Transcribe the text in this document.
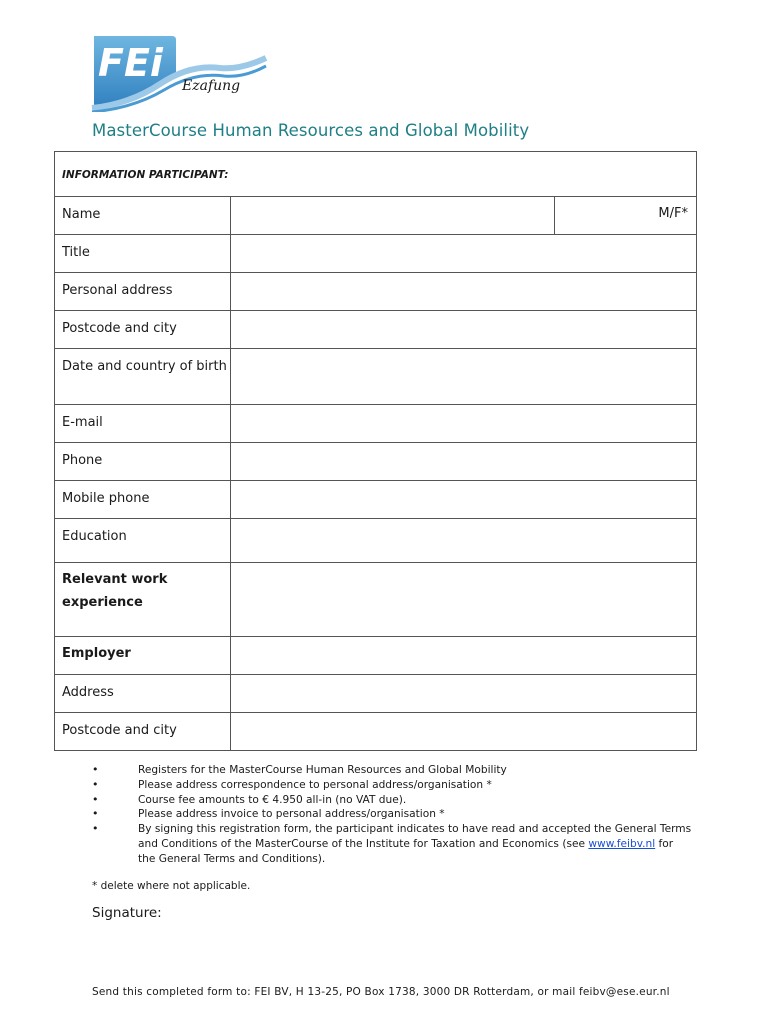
FEi
Ezafung
MasterCourse Human Resources and Global Mobility
INFORMATION PARTICIPANT:		
Name		M/F*
Title		
Personal address		
Postcode and city		
Date and country of birth		
E-mail		
Phone		
Mobile phone		
Education		
Relevant work experience		
Employer		
Address		
Postcode and city		
• Registers for the MasterCourse Human Resources and Global Mobility
• Please address correspondence to personal address/organisation *
• Course fee amounts to € 4.950 all-in (no VAT due).
• Please address invoice to personal address/organisation *
• By signing this registration form, the participant indicates to have read and accepted the General Terms and Conditions of the MasterCourse of the Institute for Taxation and Economics (see www.feibv.nl for the General Terms and Conditions).
* delete where not applicable.
Signature:
Send this completed form to: FEI BV, H 13-25, PO Box 1738, 3000 DR Rotterdam, or mail feibv@ese.eur.nl
